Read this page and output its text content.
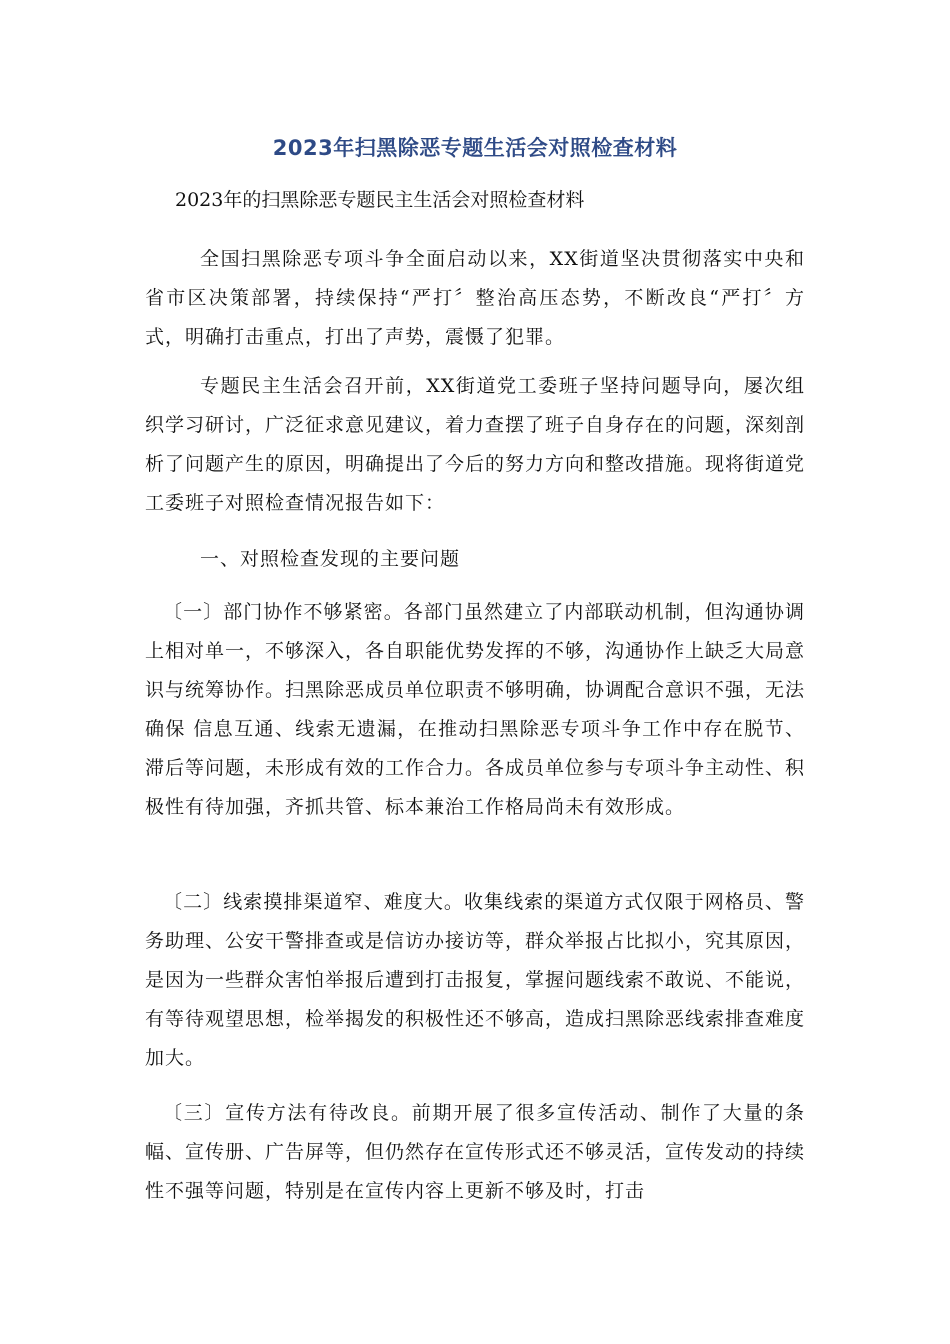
2023年扫黑除恶专题生活会对照检查材料
2023年的扫黑除恶专题民主生活会对照检查材料
全国扫黑除恶专项斗争全面启动以来，XX街道坚决贯彻落实中央和省市区决策部署，持续保持“严打〞整治高压态势，不断改良“严打〞方式，明确打击重点，打出了声势，震慑了犯罪。
专题民主生活会召开前，XX街道党工委班子坚持问题导向，屡次组织学习研讨，广泛征求意见建议，着力查摆了班子自身存在的问题，深刻剖析了问题产生的原因，明确提出了今后的努力方向和整改措施。现将街道党工委班子对照检查情况报告如下：
一、对照检查发现的主要问题
〔一〕部门协作不够紧密。各部门虽然建立了内部联动机制，但沟通协调上相对单一，不够深入，各自职能优势发挥的不够，沟通协作上缺乏大局意识与统筹协作。扫黑除恶成员单位职责不够明确，协调配合意识不强，无法确保 信息互通、线索无遗漏，在推动扫黑除恶专项斗争工作中存在脱节、滞后等问题，未形成有效的工作合力。各成员单位参与专项斗争主动性、积极性有待加强，齐抓共管、标本兼治工作格局尚未有效形成。
〔二〕线索摸排渠道窄、难度大。收集线索的渠道方式仅限于网格员、警务助理、公安干警排查或是信访办接访等，群众举报占比拟小，究其原因，是因为一些群众害怕举报后遭到打击报复，掌握问题线索不敢说、不能说，有等待观望思想，检举揭发的积极性还不够高，造成扫黑除恶线索排查难度加大。
〔三〕宣传方法有待改良。前期开展了很多宣传活动、制作了大量的条幅、宣传册、广告屏等，但仍然存在宣传形式还不够灵活，宣传发动的持续性不强等问题，特别是在宣传内容上更新不够及时，打击
